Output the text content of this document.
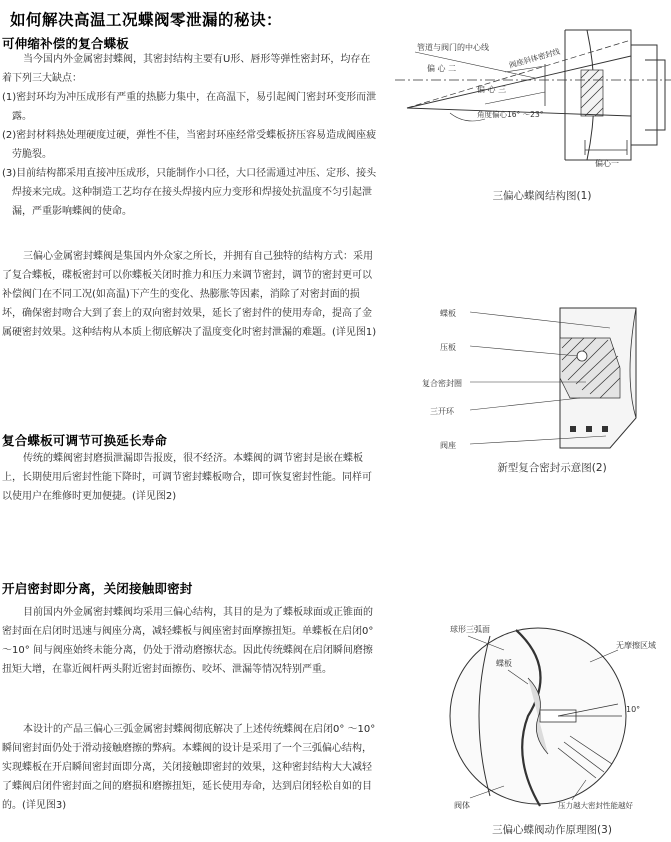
如何解决高温工况蝶阀零泄漏的秘诀：
可伸缩补偿的复合蝶板

当今国内外金属密封蝶阀，其密封结构主要有U形、唇形等弹性密封环，均存在着下列三大缺点：

(1)密封环均为冲压成形有严重的热膨力集中，在高温下，易引起阀门密封环变形而泄露。

(2)密封材料热处理硬度过硬，弹性不佳，当密封环座经常受蝶板挤压容易造成阀座疲劳脆裂。

(3)目前结构都采用直接冲压成形，只能制作小口径，大口径需通过冲压、定形、接头焊接来完成。这种制造工艺均存在接头焊接内应力变形和焊接处抗温度不匀引起泄漏，严重影响蝶阀的使命。

三偏心金属密封蝶阀是集国内外众家之所长，并拥有自己独特的结构方式：采用了复合蝶板，碟板密封可以你蝶板关闭时推力和压力来调节密封，调节的密封更可以补偿阀门在不同工况(如高温)下产生的变化、热膨胀等因素，消除了对密封面的损坏，确保密封吻合大到了套上的双向密封效果，延长了密封件的使用寿命，提高了金属硬密封效果。这种结构从本质上彻底解决了温度变化时密封泄漏的难题。(详见图1)

复合蝶板可调节可换延长寿命

传统的蝶阀密封磨损泄漏即告报废，很不经济。本蝶阀的调节密封是嵌在蝶板上，长期使用后密封性能下降时，可调节密封蝶板吻合，即可恢复密封性能。同样可以使用户在维修时更加便捷。(详见图2)

开启密封即分离，关闭接触即密封

目前国内外金属密封蝶阀均采用三偏心结构，其目的是为了蝶板球面或正锥面的密封面在启闭时迅速与阀座分离，减轻蝶板与阀座密封面摩擦扭矩。单蝶板在启闭0°～10° 间与阀座始终未能分离，仍处于滑动磨擦状态。因此传统蝶阀在启闭瞬间磨擦扭矩大增，在靠近阀杆两头附近密封面擦伤、咬坏、泄漏等情况特别严重。

本设计的产品三偏心三弧金属密封蝶阀彻底解决了上述传统蝶阀在启闭0° ～10° 瞬间密封面仍处于滑动接触磨擦的弊病。本蝶阀的设计是采用了一个三弧偏心结构，实现蝶板在开启瞬间密封面即分离，关闭接触即密封的效果，这种密封结构大大减轻了蝶阀启闭件密封面之间的磨损和磨擦扭矩，延长使用寿命，达到启闭轻松自如的目的。(详见图3)

管道与阀门的中心线	阀座斜体密封线
偏 心 二
偏 心 三
角度偏心16° ～23°
偏心一
三偏心蝶阀结构图(1)
蝶板
压板
复合密封圈
三开环
阀座
新型复合密封示意图(2)
球形三弧面
无摩擦区域
蝶板
10°
阀体	压力越大密封性能越好
三偏心蝶阀动作原理图(3)
